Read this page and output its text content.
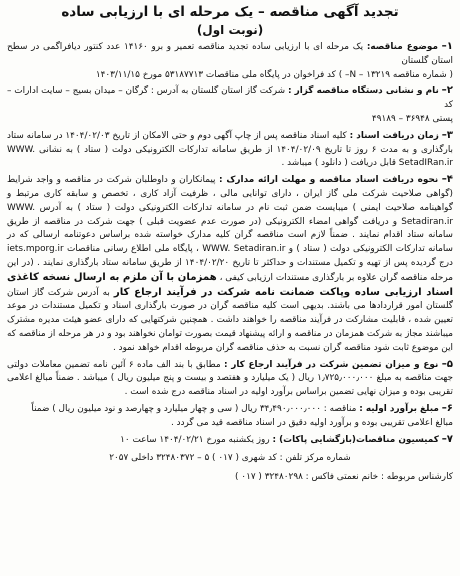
تجدید آگهی مناقصه – یک مرحله ای با ارزیابی ساده
(نوبت اول)
۱– موضوع مناقصه: یک مرحله ای با ارزیابی ساده تجدید مناقصه تعمیر و برو ۱۴۱۶۰ عدد کنتور دیافراگمی در سطح استان گلستان
( شماره مناقصه ۱۳۲۱۹ – N– ) کد فراخوان در پایگاه ملی مناقصات ۵۳۱۸۷۷۱۳ مورخ ۱۴۰۳/۱۱/۱۵
۲– نام و نشانی دستگاه مناقصه گزار : شرکت گاز استان گلستان به آدرس : گرگان – میدان بسیج – سایت ادارات – کد
پستی ۳۶۹۴۸ – ۴۹۱۸۹
۳– زمان دریافت اسناد : کلیه اسناد مناقصه پس از چاپ آگهی دوم و حتی الامکان از تاریخ ۱۴۰۴/۰۲/۰۳ در سامانه ستاد بارگذاری و به مدت ۶ روز تا تاریخ ۱۴۰۴/۰۲/۰۹ از طریق سامانه تدارکات الکترونیکی دولت ( ستاد ) به نشانی WWW. SetadIRan.ir قابل دریافت ( دانلود ) میباشد .
۴– نحوه دریافت اسناد مناقصه و مهلت ارائه مدارک : پیمانکاران و داوطلبان شرکت در مناقصه و واجد شرایط (گواهی صلاحیت شرکت ملی گاز ایران ، دارای توانایی مالی ، ظرفیت آزاد کاری ، تخصص و سابقه کاری مرتبط و گواهینامه صلاحیت ایمنی ) میبایست ضمن ثبت نام در سامانه تدارکات الکترونیکی دولت ( ستاد ) به آدرس WWW. Setadiran.ir و دریافت گواهی امضاء الکترونیکی (در صورت عدم عضویت قبلی ) جهت شرکت در مناقصه از طریق سامانه ستاد اقدام نمایند . ضمناً لازم است مناقصه گران کلیه مدارک خواسته شده براساس دعوتنامه ارسالی که در سامانه تدارکات الکترونیکی دولت ( ستاد ) و WWW. Setadiran.ir ، پایگاه ملی اطلاع رسانی مناقصات iets.mporg.ir درج گردیده پس از تهیه و تکمیل مستندات و حداکثر تا تاریخ ۱۴۰۴/۰۲/۲۰ از طریق سامانه ستاد بارگذاری نمایند . (در این مرحله مناقصه گران علاوه بر بارگذاری مستندات ارزیابی کیفی ، همزمان با آن ملزم به ارسال نسخه کاغذی اسناد ارزیابی ساده وپاکت ضمانت نامه شرکت در فرآیند ارجاع کار به آدرس شرکت گاز استان گلستان امور قراردادها می باشند. بدیهی است کلیه مناقصه گران در صورت بارگذاری اسناد و تکمیل مستندات در موعد تعیین شده ، قابلیت مشارکت در فرآیند مناقصه را خواهند داشت . همچنین شرکتهایی که دارای عضو هیئت مدیره مشترک میباشند مجاز به شرکت همزمان در مناقصه و ارائه پیشنهاد قیمت بصورت توامان نخواهند بود و در هر مرحله از مناقصه که این موضوع ثابت شود مناقصه گران نسبت به حذف مناقصه گران مربوطه اقدام خواهد نمود .
۵– نوع و میزان تضمین شرکت در فرآیند ارجاع کار : مطابق با بند الف ماده ۶ آئین نامه تضمین معاملات دولتی جهت مناقصه به مبلغ ۱٫۷۲۵٫۰۰۰٫۰۰۰ ریال ( یک میلیارد و هفتصد و بیست و پنج میلیون ریال ) میباشد . ضمناً مبالغ اعلامی تقریبی بوده و میزان نهایی تضمین براساس برآورد اولیه در اسناد مناقصه درج شده است .
۶– مبلغ برآورد اولیه : مناقصه : ۳۴٫۴۹۰٫۰۰۰٫۰۰۰ ریال ( سی و چهار میلیارد و چهارصد و نود میلیون ریال ) ضمناً
مبالغ اعلامی تقریبی بوده و برآورد اولیه دقیق در اسناد مناقصه قید می گردد .
۷– کمیسیون مناقصات(بازگشایی پاکات) : روز یکشنبه مورخ ۱۴۰۴/۰۲/۲۱ ساعت ۱۰
شماره مرکز تلفن : کد شهری ( ۰۱۷ ) ۵ – ۳۲۴۸۰۳۷۲ داخلی ۲۰۵۷
کارشناس مربوطه : خانم نعمتی فاکس : ۳۲۴۸۰۲۹۸ ( ۰۱۷ )
